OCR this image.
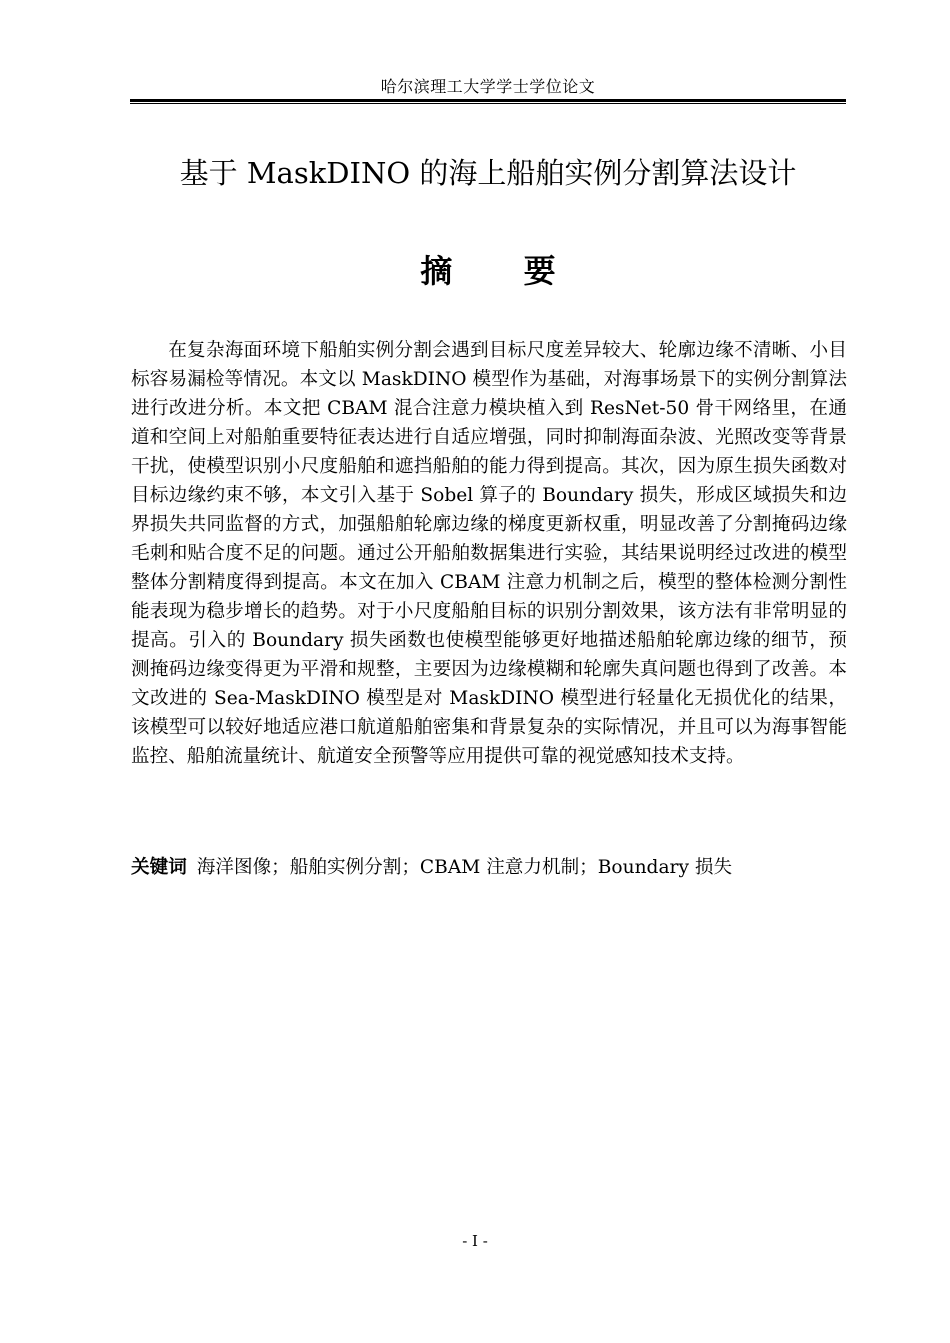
哈尔滨理工大学学士学位论文
基于 MaskDINO 的海上船舶实例分割算法设计
摘 要

在复杂海面环境下船舶实例分割会遇到目标尺度差异较大、轮廓边缘不清晰、小目标容易漏检等情况。本文以 MaskDINO 模型作为基础，对海事场景下的实例分割算法进行改进分析。本文把 CBAM 混合注意力模块植入到 ResNet-50 骨干网络里，在通道和空间上对船舶重要特征表达进行自适应增强，同时抑制海面杂波、光照改变等背景干扰，使模型识别小尺度船舶和遮挡船舶的能力得到提高。其次，因为原生损失函数对目标边缘约束不够，本文引入基于 Sobel 算子的 Boundary 损失，形成区域损失和边界损失共同监督的方式，加强船舶轮廓边缘的梯度更新权重，明显改善了分割掩码边缘毛刺和贴合度不足的问题。通过公开船舶数据集进行实验，其结果说明经过改进的模型整体分割精度得到提高。本文在加入 CBAM 注意力机制之后，模型的整体检测分割性能表现为稳步增长的趋势。对于小尺度船舶目标的识别分割效果，该方法有非常明显的提高。引入的 Boundary 损失函数也使模型能够更好地描述船舶轮廓边缘的细节，预测掩码边缘变得更为平滑和规整，主要因为边缘模糊和轮廓失真问题也得到了改善。本文改进的 Sea-MaskDINO 模型是对 MaskDINO 模型进行轻量化无损优化的结果，该模型可以较好地适应港口航道船舶密集和背景复杂的实际情况，并且可以为海事智能监控、船舶流量统计、航道安全预警等应用提供可靠的视觉感知技术支持。

关键词 海洋图像；船舶实例分割；CBAM 注意力机制；Boundary 损失

- I -
